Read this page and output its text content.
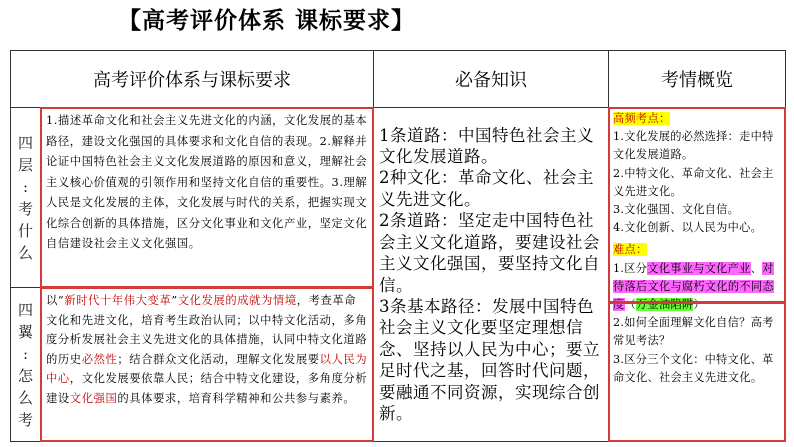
【高考评价体系 课标要求】
高考评价体系与课标要求	必备知识	考情概览
四
层
:
考
什
么
1.描述革命文化和社会主义先进文化的内涵，文化发展的基本路径，建设文化强国的具体要求和文化自信的表现。2.解释并论证中国特色社会主义文化发展道路的原因和意义，理解社会主义核心价值观的引领作用和坚持文化自信的重要性。3.理解人民是文化发展的主体，文化发展与时代的关系，把握实现文化综合创新的具体措施，区分文化事业和文化产业，坚定文化自信建设社会主义文化强国。
四
翼
:
怎
么
考
以“新时代十年伟大变革”文化发展的成就为情境，考查革命文化和先进文化，培育考生政治认同；以中特文化活动，多角度分析发展社会主义先进文化的具体措施，认同中特文化道路的历史必然性；结合群众文化活动，理解文化发展要以人民为中心，文化发展要依靠人民；结合中特文化建设，多角度分析建设文化强国的具体要求，培育科学精神和公共参与素养。

1条道路：中国特色社会主义文化发展道路。

2种文化：革命文化、社会主义先进文化。

2条道路：坚定走中国特色社会主义文化道路，要建设社会主义文化强国，要坚持文化自信。

3条基本路径：发展中国特色社会主义文化要坚定理想信念、坚持以人民为中心；要立足时代之基，回答时代问题，要融通不同资源，实现综合创新。

高频考点：

1.文化发展的必然选择：走中特文化发展道路。

2.中特文化、革命文化、社会主义先进文化。

3.文化强国、文化自信。

4.文化创新、以人民为中心。

难点：

1.区分文化事业与文化产业、对待落后文化与腐朽文化的不同态度（万金油陷阱）

2.如何全面理解文化自信？高考常见考法？

3.区分三个文化：中特文化、革命文化、社会主义先进文化。
